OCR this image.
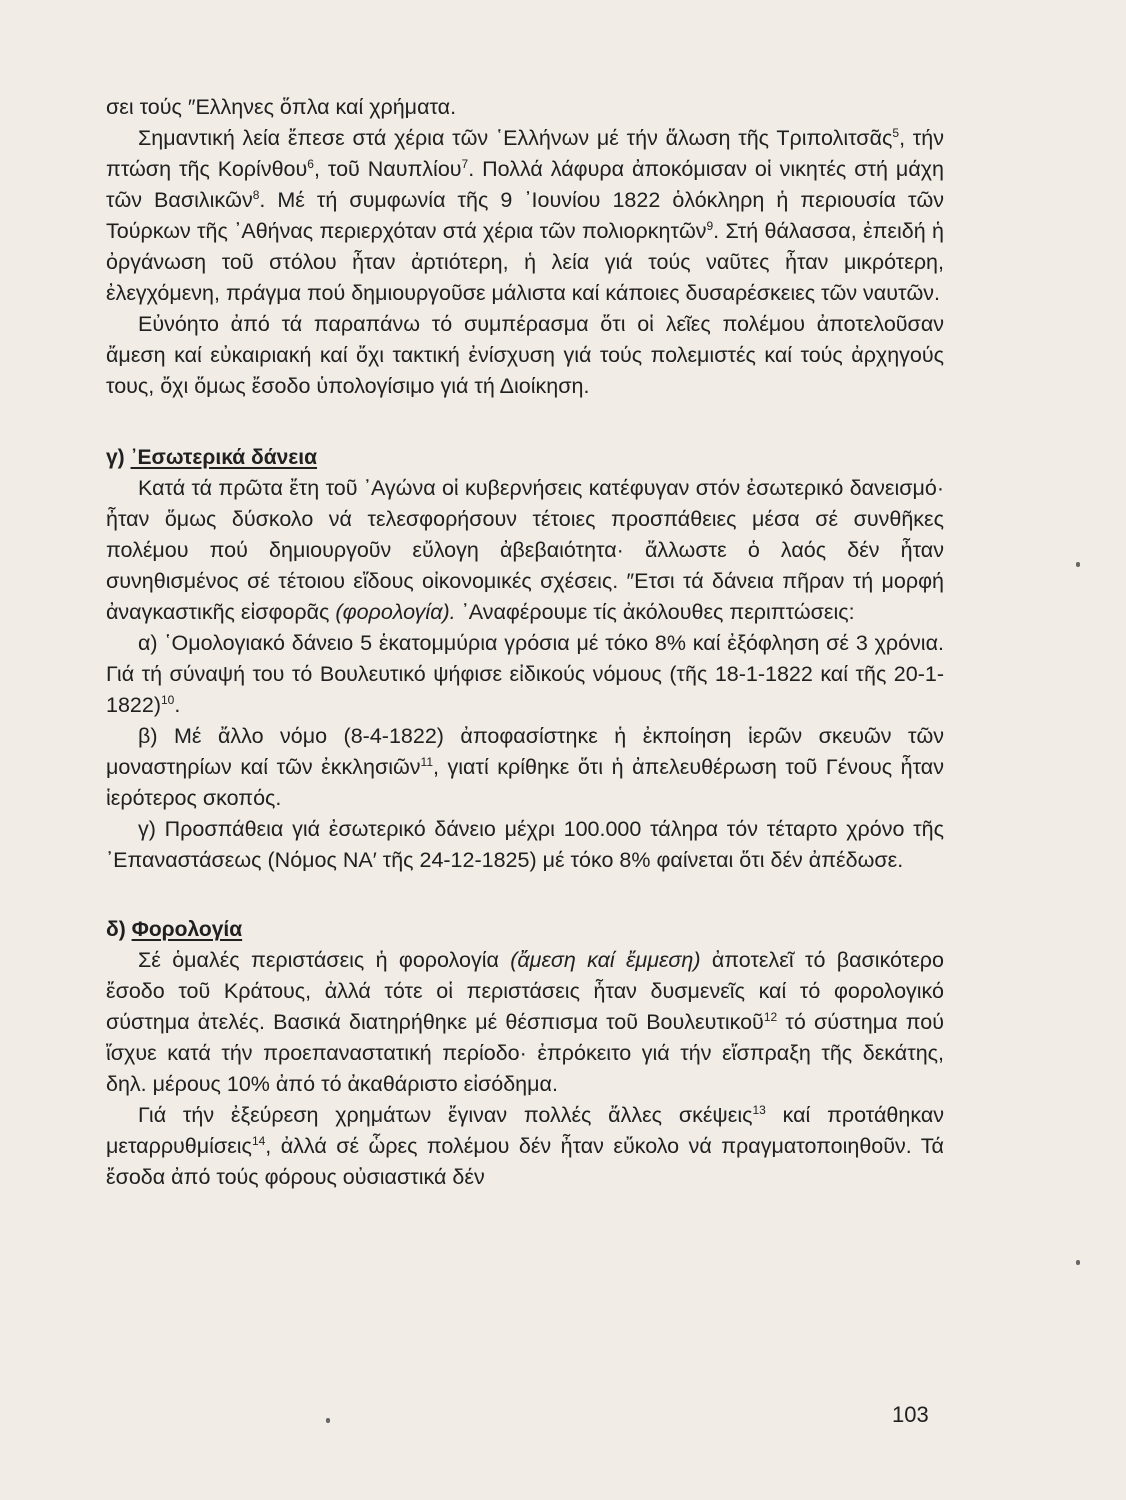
σει τούς ″Ελληνες ὅπλα καί χρήματα.

Σημαντική λεία ἔπεσε στά χέρια τῶν ῾Ελλήνων μέ τήν ἅλωση τῆς Τριπολιτσᾶς$^5$, τήν πτώση τῆς Κορίνθου$^6$, τοῦ Ναυπλίου$^7$. Πολλά λάφυρα ἀποκόμισαν οἱ νικητές στή μάχη τῶν Βασιλικῶν$^8$. Μέ τή συμφωνία τῆς 9 ᾽Ιουνίου 1822 ὁλόκληρη ἡ περιουσία τῶν Τούρκων τῆς ᾽Αθήνας περιερχόταν στά χέρια τῶν πολιορκητῶν$^9$. Στή θάλασσα, ἐπειδή ἡ ὀργάνωση τοῦ στόλου ἦταν ἀρτιότερη, ἡ λεία γιά τούς ναῦτες ἦταν μικρότερη, ἐλεγχόμενη, πράγμα πού δημιουργοῦσε μάλιστα καί κάποιες δυσαρέσκειες τῶν ναυτῶν.

Εὐνόητο ἀπό τά παραπάνω τό συμπέρασμα ὅτι οἱ λεῖες πολέμου ἀποτελοῦσαν ἄμεση καί εὐκαιριακή καί ὄχι τακτική ἐνίσχυση γιά τούς πολεμιστές καί τούς ἀρχηγούς τους, ὄχι ὅμως ἔσοδο ὑπολογίσιμο γιά τή Διοίκηση.

γ) ᾽Εσωτερικά δάνεια

Κατά τά πρῶτα ἔτη τοῦ ᾽Αγώνα οἱ κυβερνήσεις κατέφυγαν στόν ἐσωτερικό δανεισμό· ἦταν ὅμως δύσκολο νά τελεσφορήσουν τέτοιες προσπάθειες μέσα σέ συνθῆκες πολέμου πού δημιουργοῦν εὔλογη ἀβεβαιότητα· ἄλλωστε ὁ λαός δέν ἦταν συνηθισμένος σέ τέτοιου εἴδους οἰκονομικές σχέσεις. ″Ετσι τά δάνεια πῆραν τή μορφή ἀναγκαστικῆς εἰσφορᾶς (φορολογία). ᾽Αναφέρουμε τίς ἀκόλουθες περιπτώσεις:

α) ῾Ομολογιακό δάνειο 5 ἑκατομμύρια γρόσια μέ τόκο 8% καί ἐξόφληση σέ 3 χρόνια. Γιά τή σύναψή του τό Βουλευτικό ψήφισε εἰδικούς νόμους (τῆς 18-1-1822 καί τῆς 20-1-1822)$^{10}$.

β) Μέ ἄλλο νόμο (8-4-1822) ἀποφασίστηκε ἡ ἐκποίηση ἱερῶν σκευῶν τῶν μοναστηρίων καί τῶν ἐκκλησιῶν$^{11}$, γιατί κρίθηκε ὅτι ἡ ἀπελευθέρωση τοῦ Γένους ἦταν ἱερότερος σκοπός.

γ) Προσπάθεια γιά ἐσωτερικό δάνειο μέχρι 100.000 τάληρα τόν τέταρτο χρόνο τῆς ᾽Επαναστάσεως (Νόμος ΝΑ′ τῆς 24-12-1825) μέ τόκο 8% φαίνεται ὅτι δέν ἀπέδωσε.

δ) Φορολογία

Σέ ὁμαλές περιστάσεις ἡ φορολογία (ἄμεση καί ἔμμεση) ἀποτελεῖ τό βασικότερο ἔσοδο τοῦ Κράτους, ἀλλά τότε οἱ περιστάσεις ἦταν δυσμενεῖς καί τό φορολογικό σύστημα ἀτελές. Βασικά διατηρήθηκε μέ θέσπισμα τοῦ Βουλευτικοῦ$^{12}$ τό σύστημα πού ἴσχυε κατά τήν προεπαναστατική περίοδο· ἐπρόκειτο γιά τήν εἴσπραξη τῆς δεκάτης, δηλ. μέρους 10% ἀπό τό ἀκαθάριστο εἰσόδημα.

Γιά τήν ἐξεύρεση χρημάτων ἔγιναν πολλές ἄλλες σκέψεις$^{13}$ καί προτάθηκαν μεταρρυθμίσεις$^{14}$, ἀλλά σέ ὧρες πολέμου δέν ἦταν εὔκολο νά πραγματοποιηθοῦν. Τά ἔσοδα ἀπό τούς φόρους οὐσιαστικά δέν

103
